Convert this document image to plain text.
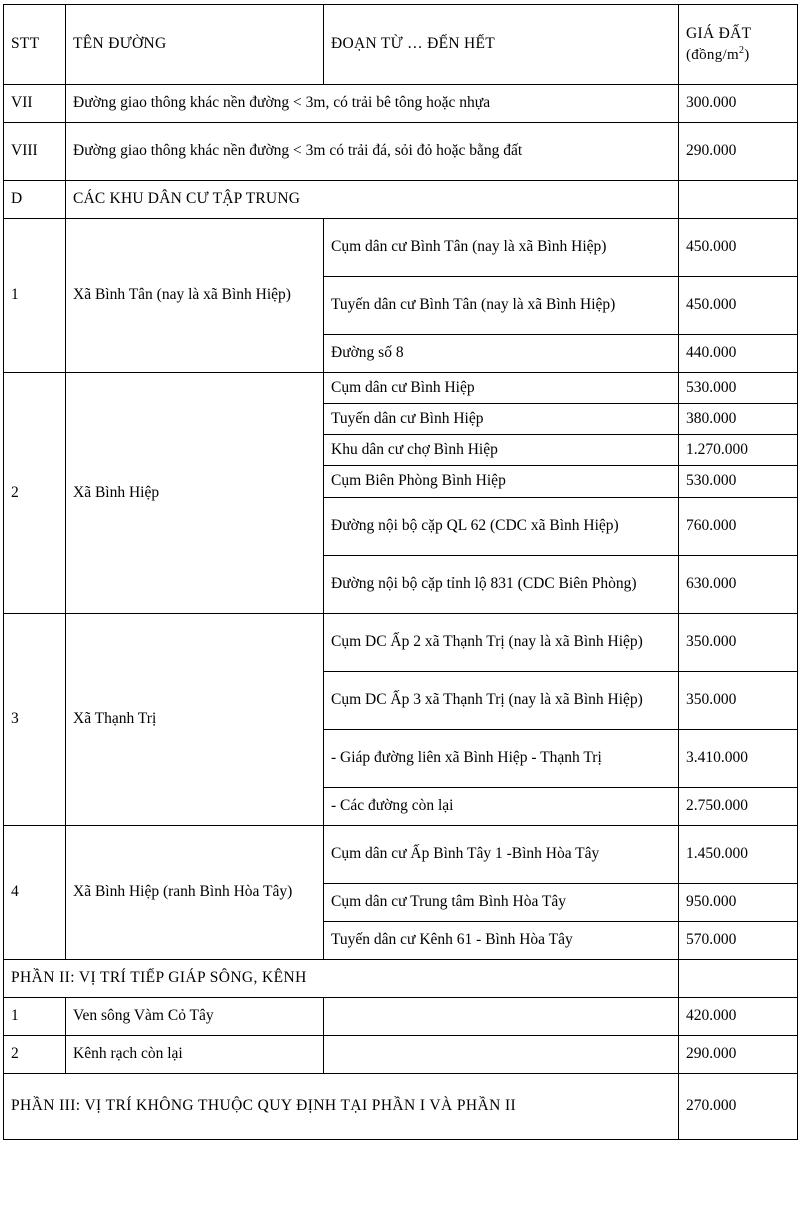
STT	TÊN ĐƯỜNG	ĐOẠN TỪ … ĐẾN HẾT	GIÁ ĐẤT
$(đồng/m^2)$

VII	Đường giao thông khác nền đường < 3m, có trải bê tông hoặc nhựa		300.000
VIII	Đường giao thông khác nền đường < 3m có trải đá, sỏi đỏ hoặc bằng đất		290.000
D	CÁC KHU DÂN CƯ TẬP TRUNG		
1	Xã Bình Tân (nay là xã Bình Hiệp)	Cụm dân cư Bình Tân (nay là xã Bình Hiệp)	450.000
		Tuyến dân cư Bình Tân (nay là xã Bình Hiệp)	450.000
		Đường số 8	440.000
2	Xã Bình Hiệp	Cụm dân cư Bình Hiệp	530.000
		Tuyến dân cư Bình Hiệp	380.000
		Khu dân cư chợ Bình Hiệp	1.270.000
		Cụm Biên Phòng Bình Hiệp	530.000
		Đường nội bộ cặp QL 62 (CDC xã Bình Hiệp)	760.000
		Đường nội bộ cặp tỉnh lộ 831 (CDC Biên Phòng)	630.000
3	Xã Thạnh Trị	Cụm DC Ấp 2 xã Thạnh Trị (nay là xã Bình Hiệp)	350.000
		Cụm DC Ấp 3 xã Thạnh Trị (nay là xã Bình Hiệp)	350.000
		- Giáp đường liên xã Bình Hiệp - Thạnh Trị	3.410.000
		- Các đường còn lại	2.750.000
4	Xã Bình Hiệp (ranh Bình Hòa Tây)	Cụm dân cư Ấp Bình Tây 1 -Bình Hòa Tây	1.450.000
		Cụm dân cư Trung tâm Bình Hòa Tây	950.000
		Tuyến dân cư Kênh 61 - Bình Hòa Tây	570.000
PHẦN II: VỊ TRÍ TIẾP GIÁP SÔNG, KÊNH			
1	Ven sông Vàm Cỏ Tây		420.000
2	Kênh rạch còn lại		290.000
PHẦN III: VỊ TRÍ KHÔNG THUỘC QUY ĐỊNH TẠI PHẦN I VÀ PHẦN II			270.000
